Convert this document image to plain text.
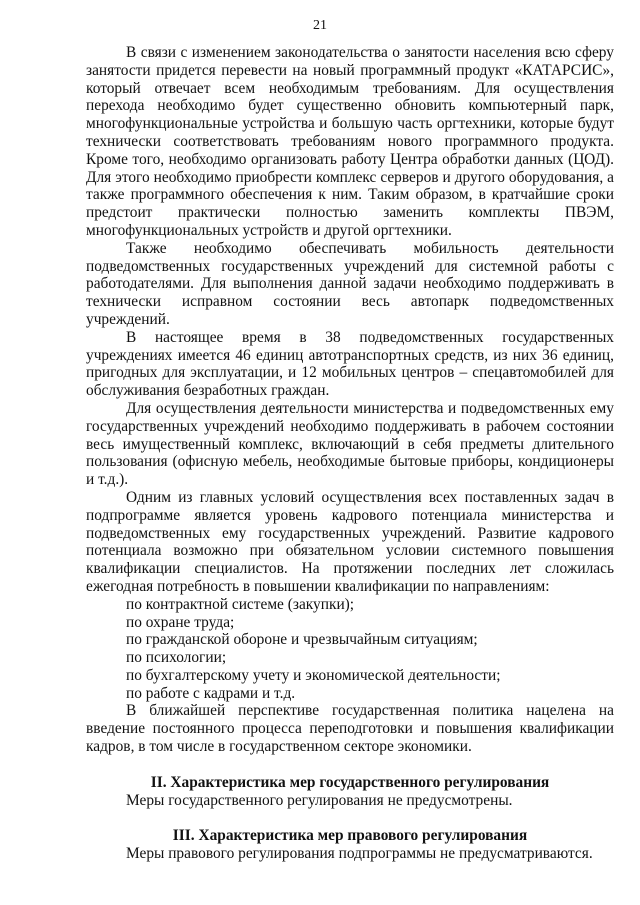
21

В связи с изменением законодательства о занятости населения всю сферу занятости придется перевести на новый программный продукт «КАТАРСИС», который отвечает всем необходимым требованиям. Для осуществления перехода необходимо будет существенно обновить компьютерный парк, многофункциональные устройства и большую часть оргтехники, которые будут технически соответствовать требованиям нового программного продукта. Кроме того, необходимо организовать работу Центра обработки данных (ЦОД). Для этого необходимо приобрести комплекс серверов и другого оборудования, а также программного обеспечения к ним. Таким образом, в кратчайшие сроки предстоит практически полностью заменить комплекты ПВЭМ, многофункциональных устройств и другой оргтехники.

Также необходимо обеспечивать мобильность деятельности подведомственных государственных учреждений для системной работы с работодателями. Для выполнения данной задачи необходимо поддерживать в технически исправном состоянии весь автопарк подведомственных учреждений.

В настоящее время в 38 подведомственных государственных учреждениях имеется 46 единиц автотранспортных средств, из них 36 единиц, пригодных для эксплуатации, и 12 мобильных центров – спецавтомобилей для обслуживания безработных граждан.

Для осуществления деятельности министерства и подведомственных ему государственных учреждений необходимо поддерживать в рабочем состоянии весь имущественный комплекс, включающий в себя предметы длительного пользования (офисную мебель, необходимые бытовые приборы, кондиционеры и т.д.).

Одним из главных условий осуществления всех поставленных задач в подпрограмме является уровень кадрового потенциала министерства и подведомственных ему государственных учреждений. Развитие кадрового потенциала возможно при обязательном условии системного повышения квалификации специалистов. На протяжении последних лет сложилась ежегодная потребность в повышении квалификации по направлениям:

по контрактной системе (закупки);

по охране труда;

по гражданской обороне и чрезвычайным ситуациям;

по психологии;

по бухгалтерскому учету и экономической деятельности;

по работе с кадрами и т.д.

В ближайшей перспективе государственная политика нацелена на введение постоянного процесса переподготовки и повышения квалификации кадров, в том числе в государственном секторе экономики.

II. Характеристика мер государственного регулирования

Меры государственного регулирования не предусмотрены.

III. Характеристика мер правового регулирования

Меры правового регулирования подпрограммы не предусматриваются.
